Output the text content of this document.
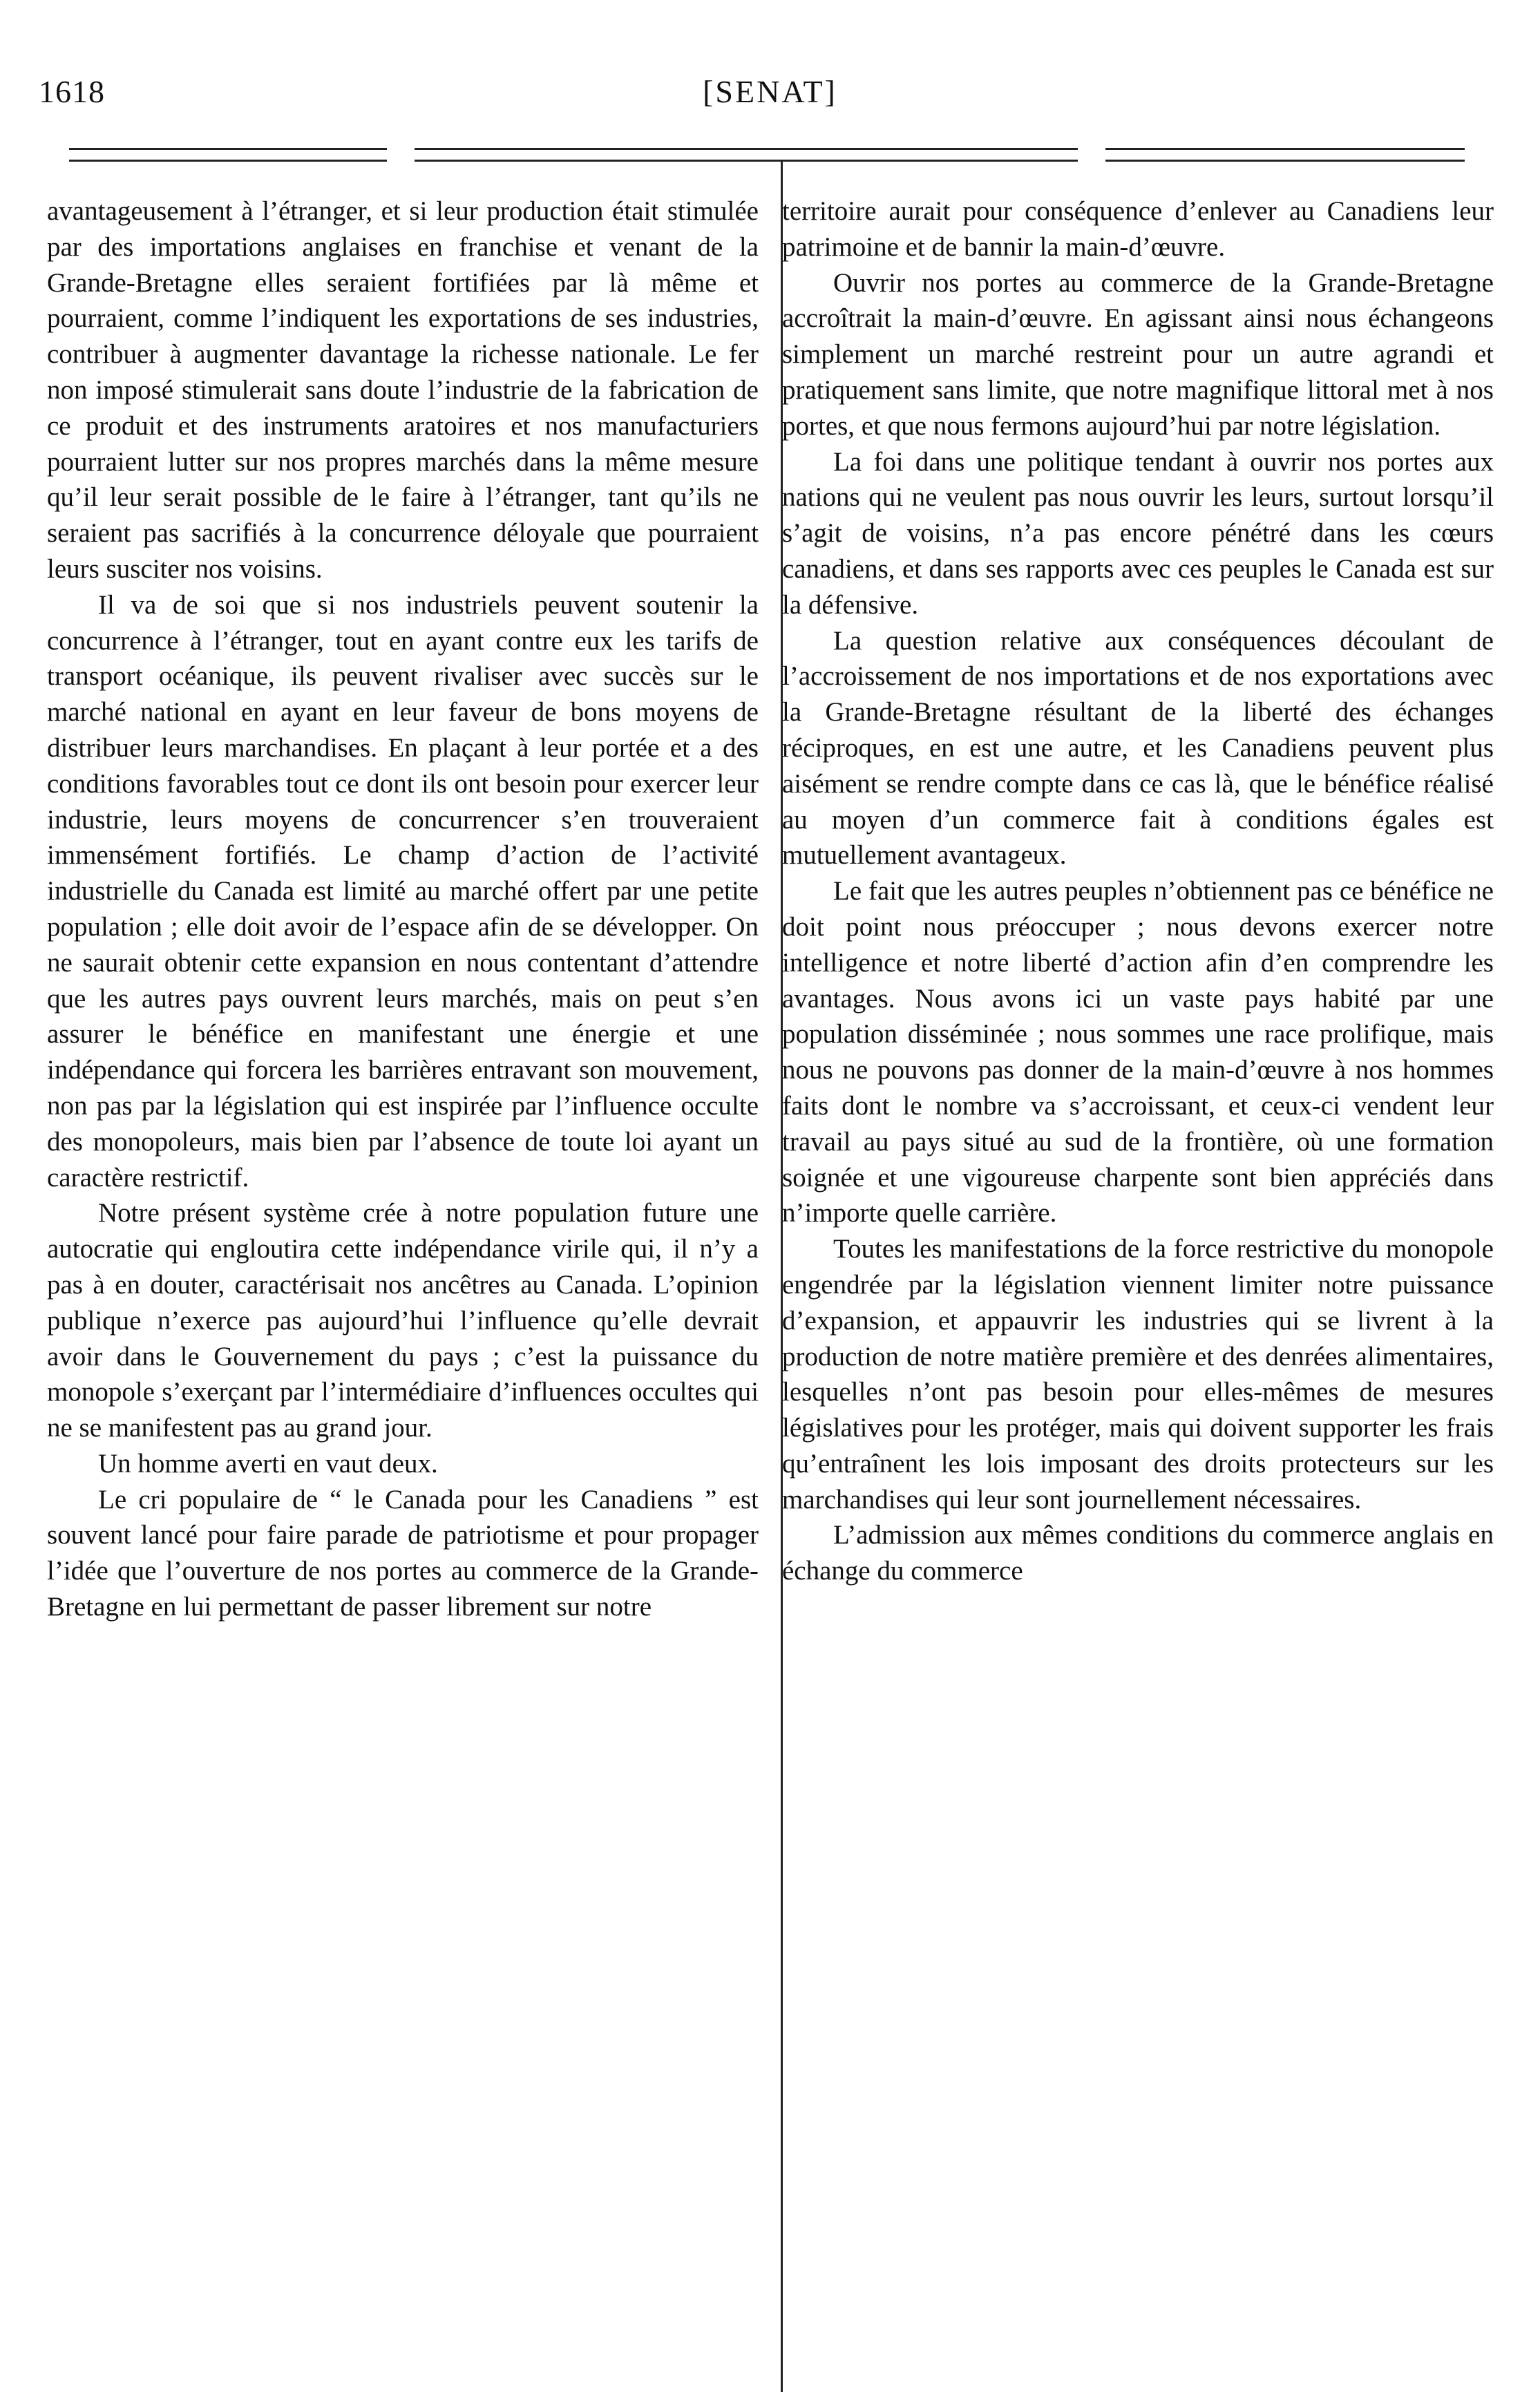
1618	[SENAT]

avantageusement à l’étranger, et si leur production était stimulée par des importations anglaises en franchise et venant de la Grande-Bretagne elles seraient fortifiées par là même et pourraient, comme l’indiquent les exportations de ses industries, contribuer à augmenter davantage la richesse nationale. Le fer non imposé stimulerait sans doute l’industrie de la fabrication de ce produit et des instruments aratoires et nos manufacturiers pourraient lutter sur nos propres marchés dans la même mesure qu’il leur serait possible de le faire à l’étranger, tant qu’ils ne seraient pas sacrifiés à la concurrence déloyale que pourraient leurs susciter nos voisins.

Il va de soi que si nos industriels peuvent soutenir la concurrence à l’étranger, tout en ayant contre eux les tarifs de transport océanique, ils peuvent rivaliser avec succès sur le marché national en ayant en leur faveur de bons moyens de distribuer leurs marchandises. En plaçant à leur portée et a des conditions favorables tout ce dont ils ont besoin pour exercer leur industrie, leurs moyens de concurrencer s’en trouveraient immensément fortifiés. Le champ d’action de l’activité industrielle du Canada est limité au marché offert par une petite population ; elle doit avoir de l’espace afin de se développer. On ne saurait obtenir cette expansion en nous contentant d’attendre que les autres pays ouvrent leurs marchés, mais on peut s’en assurer le bénéfice en manifestant une énergie et une indépendance qui forcera les barrières entravant son mouvement, non pas par la législation qui est inspirée par l’influence occulte des monopoleurs, mais bien par l’absence de toute loi ayant un caractère restrictif.

Notre présent système crée à notre population future une autocratie qui engloutira cette indépendance virile qui, il n’y a pas à en douter, caractérisait nos ancêtres au Canada. L’opinion publique n’exerce pas aujourd’hui l’influence qu’elle devrait avoir dans le Gouvernement du pays ; c’est la puissance du monopole s’exerçant par l’intermédiaire d’influences occultes qui ne se manifestent pas au grand jour.

Un homme averti en vaut deux.

Le cri populaire de “ le Canada pour les Canadiens ” est souvent lancé pour faire parade de patriotisme et pour propager l’idée que l’ouverture de nos portes au commerce de la Grande-Bretagne en lui permettant de passer librement sur notre

territoire aurait pour conséquence d’enlever au Canadiens leur patrimoine et de bannir la main-d’œuvre.

Ouvrir nos portes au commerce de la Grande-Bretagne accroîtrait la main-d’œuvre. En agissant ainsi nous échangeons simplement un marché restreint pour un autre agrandi et pratiquement sans limite, que notre magnifique littoral met à nos portes, et que nous fermons aujourd’hui par notre législation.

La foi dans une politique tendant à ouvrir nos portes aux nations qui ne veulent pas nous ouvrir les leurs, surtout lorsqu’il s’agit de voisins, n’a pas encore pénétré dans les cœurs canadiens, et dans ses rapports avec ces peuples le Canada est sur la défensive.

La question relative aux conséquences découlant de l’accroissement de nos importations et de nos exportations avec la Grande-Bretagne résultant de la liberté des échanges réciproques, en est une autre, et les Canadiens peuvent plus aisément se rendre compte dans ce cas là, que le bénéfice réalisé au moyen d’un commerce fait à conditions égales est mutuellement avantageux.

Le fait que les autres peuples n’obtiennent pas ce bénéfice ne doit point nous préoccuper ; nous devons exercer notre intelligence et notre liberté d’action afin d’en comprendre les avantages. Nous avons ici un vaste pays habité par une population disséminée ; nous sommes une race prolifique, mais nous ne pouvons pas donner de la main-d’œuvre à nos hommes faits dont le nombre va s’accroissant, et ceux-ci vendent leur travail au pays situé au sud de la frontière, où une formation soignée et une vigoureuse charpente sont bien appréciés dans n’importe quelle carrière.

Toutes les manifestations de la force restrictive du monopole engendrée par la législation viennent limiter notre puissance d’expansion, et appauvrir les industries qui se livrent à la production de notre matière première et des denrées alimentaires, lesquelles n’ont pas besoin pour elles-mêmes de mesures législatives pour les protéger, mais qui doivent supporter les frais qu’entraînent les lois imposant des droits protecteurs sur les marchandises qui leur sont journellement nécessaires.

L’admission aux mêmes conditions du commerce anglais en échange du commerce
